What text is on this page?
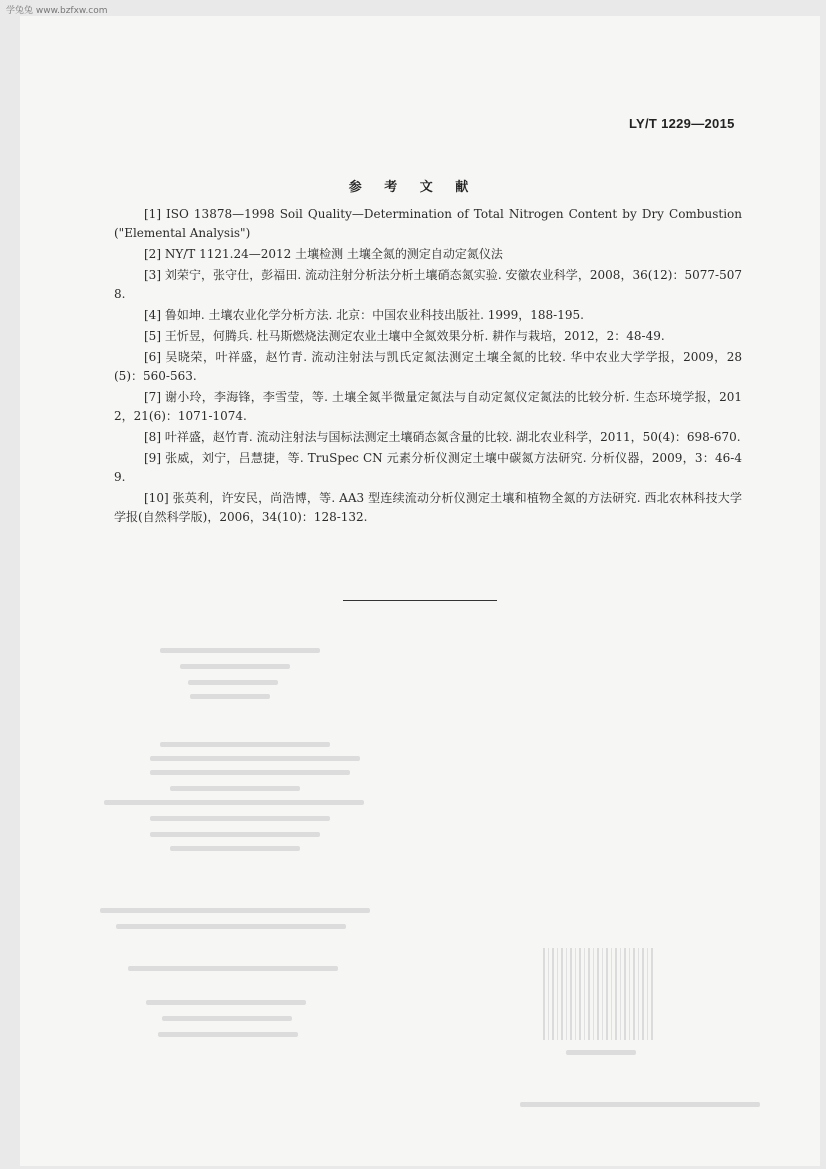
学兔兔 www.bzfxw.com
LY/T 1229—2015
参 考 文 献

[1] ISO 13878—1998 Soil Quality—Determination of Total Nitrogen Content by Dry Combustion ("Elemental Analysis")

[2] NY/T 1121.24—2012 土壤检测 土壤全氮的测定自动定氮仪法

[3] 刘荣宁，张守仕，彭福田. 流动注射分析法分析土壤硝态氮实验. 安徽农业科学，2008，36(12)：5077-5078.

[4] 鲁如坤. 土壤农业化学分析方法. 北京：中国农业科技出版社. 1999，188-195.

[5] 王忻昱，何腾兵. 杜马斯燃烧法测定农业土壤中全氮效果分析. 耕作与栽培，2012，2：48-49.

[6] 吴晓荣，叶祥盛，赵竹青. 流动注射法与凯氏定氮法测定土壤全氮的比较. 华中农业大学学报，2009，28(5)：560-563.

[7] 谢小玲，李海锋，李雪莹，等. 土壤全氮半微量定氮法与自动定氮仪定氮法的比较分析. 生态环境学报，2012，21(6)：1071-1074.

[8] 叶祥盛，赵竹青. 流动注射法与国标法测定土壤硝态氮含量的比较. 湖北农业科学，2011，50(4)：698-670.

[9] 张威，刘宁，吕慧捷，等. TruSpec CN 元素分析仪测定土壤中碳氮方法研究. 分析仪器，2009，3：46-49.

[10] 张英利，许安民，尚浩博，等. AA3 型连续流动分析仪测定土壤和植物全氮的方法研究. 西北农林科技大学学报(自然科学版)，2006，34(10)：128-132.
